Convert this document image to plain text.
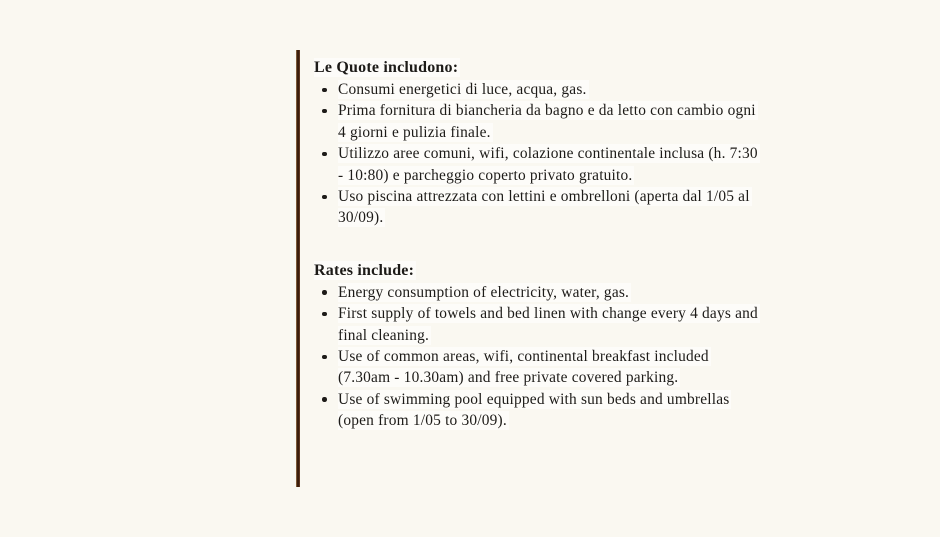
Le Quote includono:
Consumi energetici di luce, acqua, gas.
Prima fornitura di biancheria da bagno e da letto con cambio ogni 4 giorni e pulizia finale.
Utilizzo aree comuni, wifi, colazione continentale inclusa (h. 7:30 - 10:80) e parcheggio coperto privato gratuito.
Uso piscina attrezzata con lettini e ombrelloni (aperta dal 1/05 al 30/09).
Rates include:
Energy consumption of electricity, water, gas.
First supply of towels and bed linen with change every 4 days and final cleaning.
Use of common areas, wifi, continental breakfast included (7.30am - 10.30am) and free private covered parking.
Use of swimming pool equipped with sun beds and umbrellas (open from 1/05 to 30/09).
